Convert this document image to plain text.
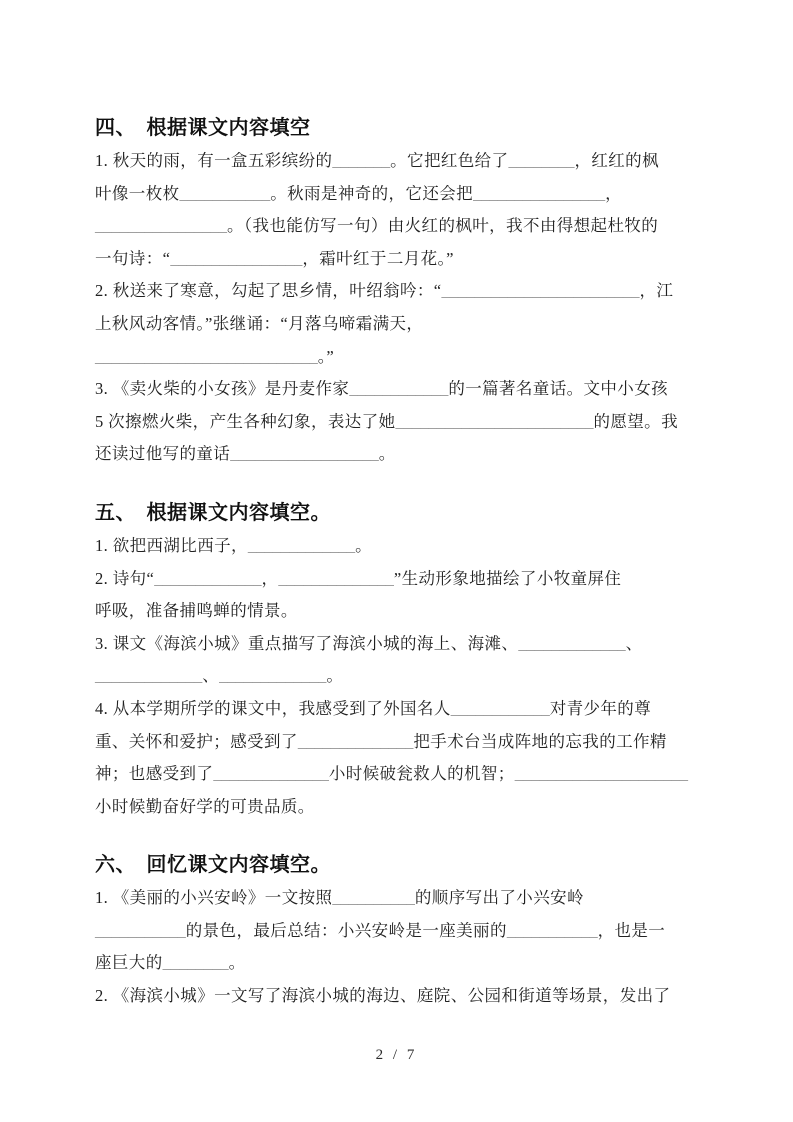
四、　根据课文内容填空
1. 秋天的雨，有一盒五彩缤纷的_______。它把红色给了________，红红的枫
叶像一枚枚___________。秋雨是神奇的，它还会把________________，
________________。（我也能仿写一句）由火红的枫叶，我不由得想起杜牧的
一句诗：“________________，霜叶红于二月花。”
2. 秋送来了寒意，勾起了思乡情，叶绍翁吟：“________________________，江
上秋风动客情。”张继诵：“月落乌啼霜满天，
___________________________。”
3. 《卖火柴的小女孩》是丹麦作家____________的一篇著名童话。文中小女孩
5 次擦燃火柴，产生各种幻象，表达了她________________________的愿望。我
还读过他写的童话__________________。
五、　根据课文内容填空。
1. 欲把西湖比西子，_____________。
2. 诗句“_____________，______________”生动形象地描绘了小牧童屏住
呼吸，准备捕鸣蝉的情景。
3. 课文《海滨小城》重点描写了海滨小城的海上、海滩、_____________、
_____________、_____________。
4. 从本学期所学的课文中，我感受到了外国名人____________对青少年的尊
重、关怀和爱护；感受到了______________把手术台当成阵地的忘我的工作精
神；也感受到了______________小时候破瓮救人的机智；_____________________
小时候勤奋好学的可贵品质。
六、　回忆课文内容填空。
1. 《美丽的小兴安岭》一文按照__________的顺序写出了小兴安岭
___________的景色，最后总结：小兴安岭是一座美丽的___________，也是一
座巨大的________。
2. 《海滨小城》一文写了海滨小城的海边、庭院、公园和街道等场景，发出了
2 / 7
